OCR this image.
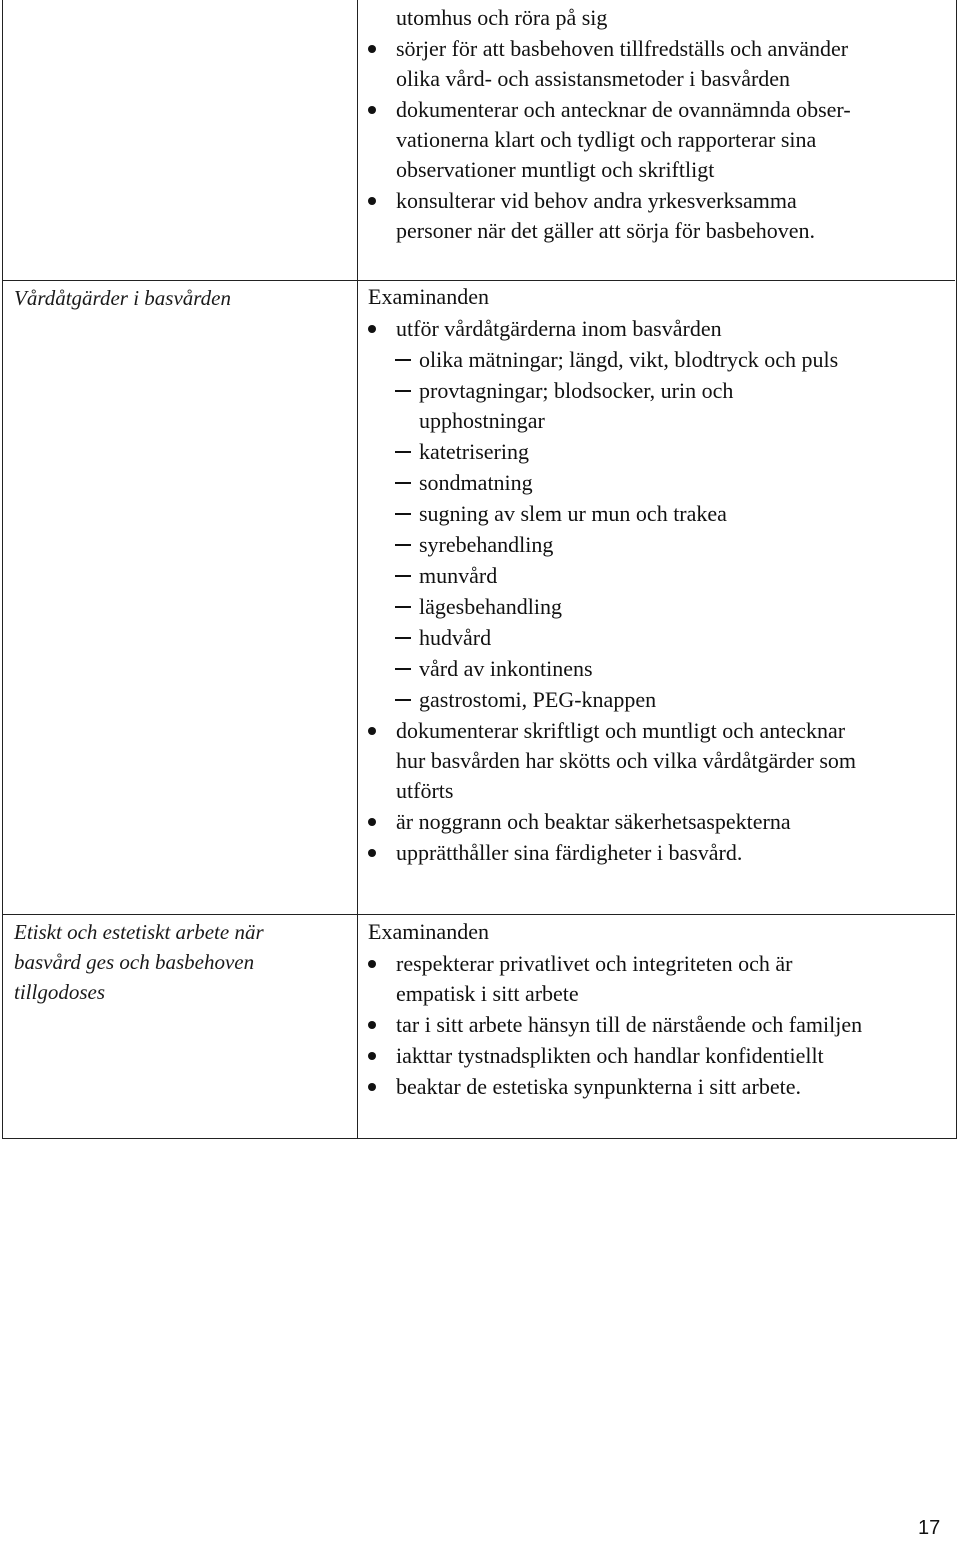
utomhus och röra på sig
sörjer för att basbehoven tillfredställs och använder
olika vård- och assistansmetoder i basvården
dokumenterar och antecknar de ovannämnda obser-
vationerna klart och tydligt och rapporterar sina
observationer muntligt och skriftligt
konsulterar vid behov andra yrkesverksamma
personer när det gäller att sörja för basbehoven.
Vårdåtgärder i basvården	Examinanden
utför vårdåtgärderna inom basvården
olika mätningar; längd, vikt, blodtryck och puls
provtagningar; blodsocker, urin och
upphostningar
katetrisering
sondmatning
sugning av slem ur mun och trakea
syrebehandling
munvård
lägesbehandling
hudvård
vård av inkontinens
gastrostomi, PEG-knappen
dokumenterar skriftligt och muntligt och antecknar
hur basvården har skötts och vilka vårdåtgärder som
utförts
är noggrann och beaktar säkerhetsaspekterna
upprätthåller sina färdigheter i basvård.
Etiskt och estetiskt arbete när
basvård ges och basbehoven tillgodoses
Examinanden
respekterar privatlivet och integriteten och är
empatisk i sitt arbete
tar i sitt arbete hänsyn till de närstående och familjen
iakttar tystnadsplikten och handlar konfidentiellt
beaktar de estetiska synpunkterna i sitt arbete.
17
